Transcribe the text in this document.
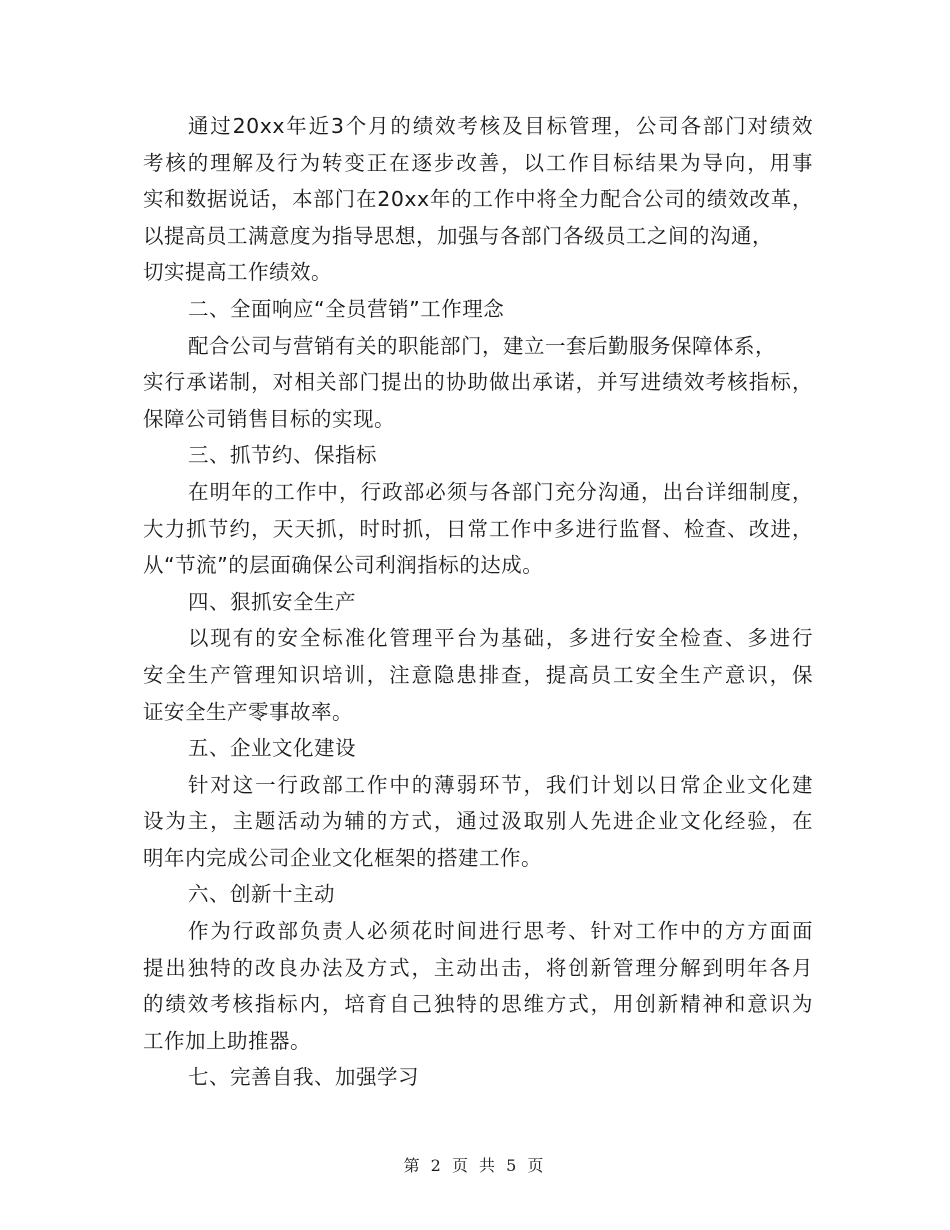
通过20xx年近3个月的绩效考核及目标管理，公司各部门对绩效
考核的理解及行为转变正在逐步改善，以工作目标结果为导向，用事
实和数据说话，本部门在20xx年的工作中将全力配合公司的绩效改革，
以提高员工满意度为指导思想，加强与各部门各级员工之间的沟通，
切实提高工作绩效。
二、全面响应“全员营销”工作理念
配合公司与营销有关的职能部门，建立一套后勤服务保障体系，
实行承诺制，对相关部门提出的协助做出承诺，并写进绩效考核指标，
保障公司销售目标的实现。
三、抓节约、保指标
在明年的工作中，行政部必须与各部门充分沟通，出台详细制度，
大力抓节约，天天抓，时时抓，日常工作中多进行监督、检查、改进，
从“节流”的层面确保公司利润指标的达成。
四、狠抓安全生产
以现有的安全标准化管理平台为基础，多进行安全检查、多进行
安全生产管理知识培训，注意隐患排查，提高员工安全生产意识，保
证安全生产零事故率。
五、企业文化建设
针对这一行政部工作中的薄弱环节，我们计划以日常企业文化建
设为主，主题活动为辅的方式，通过汲取别人先进企业文化经验，在
明年内完成公司企业文化框架的搭建工作。
六、创新十主动
作为行政部负责人必须花时间进行思考、针对工作中的方方面面
提出独特的改良办法及方式，主动出击，将创新管理分解到明年各月
的绩效考核指标内，培育自己独特的思维方式，用创新精神和意识为
工作加上助推器。
七、完善自我、加强学习
第 2 页 共 5 页
